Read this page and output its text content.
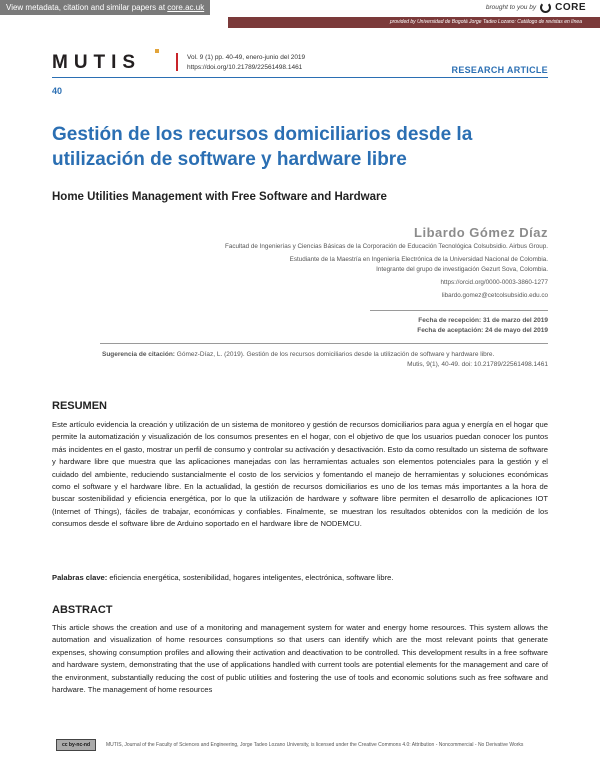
View metadata, citation and similar papers at core.ac.uk	brought to you by CORE
provided by Universidad de Bogotá Jorge Tadeo Lozano: Catálogo de revistas en línea
MUTIS	Vol. 9 (1) pp. 40-49, enero-junio del 2019
https://doi.org/10.21789/22561498.1461	RESEARCH ARTICLE
40
Gestión de los recursos domiciliarios desde la utilización de software y hardware libre
Home Utilities Management with Free Software and Hardware
Libardo Gómez Díaz
Facultad de Ingenierías y Ciencias Básicas de la Corporación de Educación Tecnológica Colsubsidio. Airbus Group.
Estudiante de la Maestría en Ingeniería Electrónica de la Universidad Nacional de Colombia.
Integrante del grupo de investigación Gezurt Sova, Colombia.
https://orcid.org/0000-0003-3860-1277
libardo.gomez@cetcolsubsidio.edu.co
Fecha de recepción: 31 de marzo del 2019
Fecha de aceptación: 24 de mayo del 2019
Sugerencia de citación: Gómez-Díaz, L. (2019). Gestión de los recursos domiciliarios desde la utilización de software y hardware libre.
Mutis, 9(1), 40-49. doi: 10.21789/22561498.1461
RESUMEN
Este artículo evidencia la creación y utilización de un sistema de monitoreo y gestión de recursos domiciliarios para agua y energía en el hogar que permite la automatización y visualización de los consumos presentes en el hogar, con el objetivo de que los usuarios puedan conocer los puntos más incidentes en el gasto, mostrar un perfil de consumo y controlar su activación y desactivación. Esto da como resultado un sistema de software y hardware libre que muestra que las aplicaciones manejadas con las herramientas actuales son elementos potenciales para la gestión y el cuidado del ambiente, reduciendo sustancialmente el costo de los servicios y fomentando el manejo de herramientas y soluciones económicas como el software y el hardware libre. En la actualidad, la gestión de recursos domiciliarios es uno de los temas más importantes a la hora de buscar sostenibilidad y eficiencia energética, por lo que la utilización de hardware y software libre permiten el desarrollo de aplicaciones IOT (Internet of Things), fáciles de trabajar, económicas y confiables. Finalmente, se muestran los resultados obtenidos con la medición de los consumos desde el software libre de Arduino soportado en el hardware libre de NODEMCU.
Palabras clave: eficiencia energética, sostenibilidad, hogares inteligentes, electrónica, software libre.
ABSTRACT
This article shows the creation and use of a monitoring and management system for water and energy home resources. This system allows the automation and visualization of home resources consumptions so that users can identify which are the most relevant points that generate expenses, showing consumption profiles and allowing their activation and deactivation to be controlled. This development results in a free software and hardware system, demonstrating that the use of applications handled with current tools are potential elements for the management and care of the environment, substantially reducing the cost of public utilities and fostering the use of tools and economic solutions such as free software and hardware. The management of home resources
cc by-nc-nd	MUTIS, Journal of the Faculty of Sciences and Engineering, Jorge Tadeo Lozano University, is licensed under the Creative Commons 4.0: Attribution - Noncommercial - No Derivative Works
